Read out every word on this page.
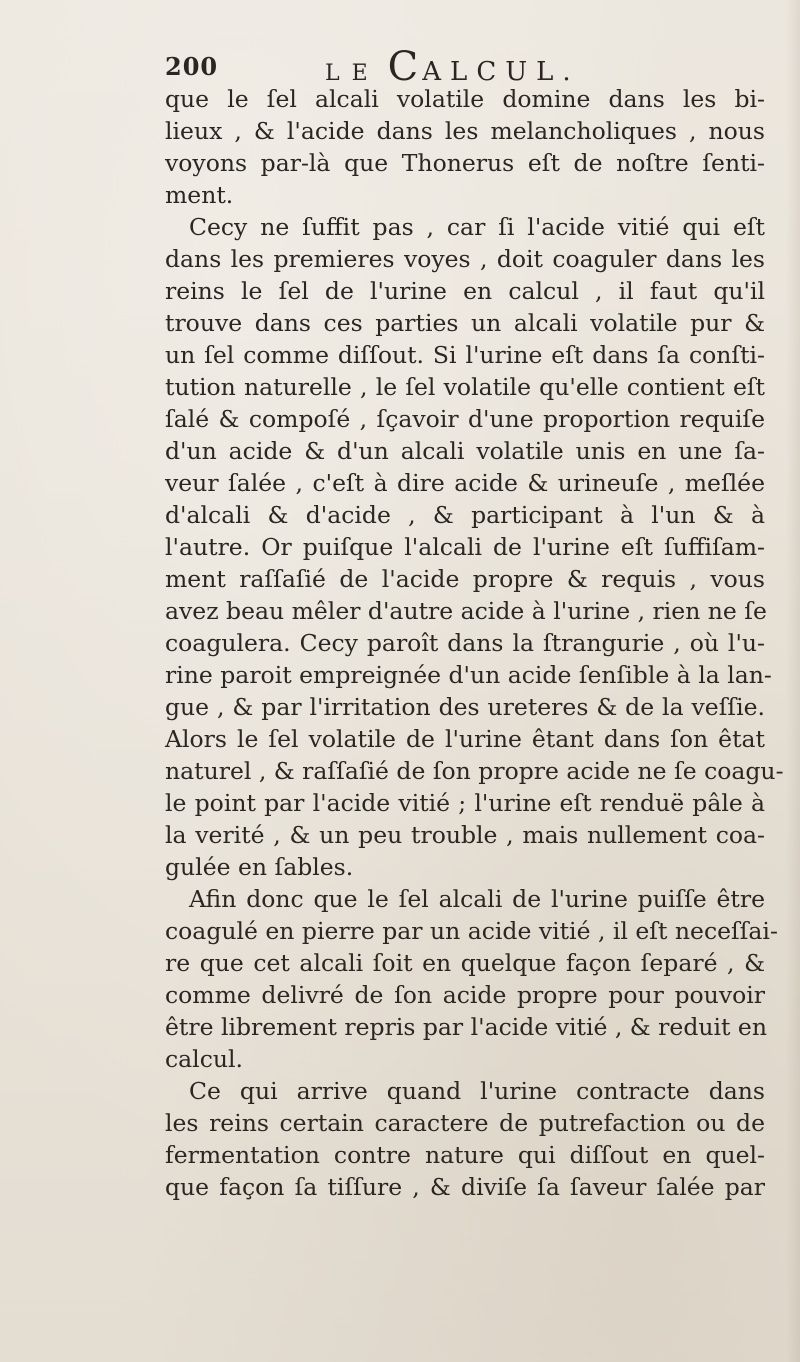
200	LE CALCUL.
que le ſel alcali volatile domine dans les bi-
lieux , & l'acide dans les melancholiques , nous
voyons par-là que Thonerus eſt de noſtre ſenti-
ment.
Cecy ne ſuffit pas , car ſi l'acide vitié qui eſt
dans les premieres voyes , doit coaguler dans les
reins le ſel de l'urine en calcul , il faut qu'il
trouve dans ces parties un alcali volatile pur &
un ſel comme diſſout. Si l'urine eſt dans ſa conſti-
tution naturelle , le ſel volatile qu'elle contient eſt
ſalé & compoſé , ſçavoir d'une proportion requiſe
d'un acide & d'un alcali volatile unis en une ſa-
veur ſalée , c'eſt à dire acide & urineuſe , meſlée
d'alcali & d'acide , & participant à l'un & à
l'autre. Or puiſque l'alcali de l'urine eſt ſuffiſam-
ment raſſaſié de l'acide propre & requis , vous
avez beau mêler d'autre acide à l'urine , rien ne ſe
coagulera. Cecy paroît dans la ſtrangurie , où l'u-
rine paroit empreignée d'un acide ſenſible à la lan-
gue , & par l'irritation des ureteres & de la veſſie.
Alors le ſel volatile de l'urine êtant dans ſon êtat
naturel , & raſſaſié de ſon propre acide ne ſe coagu-
le point par l'acide vitié ; l'urine eſt renduë pâle à
la verité , & un peu trouble , mais nullement coa-
gulée en ſables.
Afin donc que le ſel alcali de l'urine puiſſe être
coagulé en pierre par un acide vitié , il eſt neceſſai-
re que cet alcali ſoit en quelque façon ſeparé , &
comme delivré de ſon acide propre pour pouvoir
être librement repris par l'acide vitié , & reduit en
calcul.
Ce qui arrive quand l'urine contracte dans
les reins certain caractere de putrefaction ou de
fermentation contre nature qui diſſout en quel-
que façon ſa tiſſure , & diviſe ſa ſaveur ſalée par
